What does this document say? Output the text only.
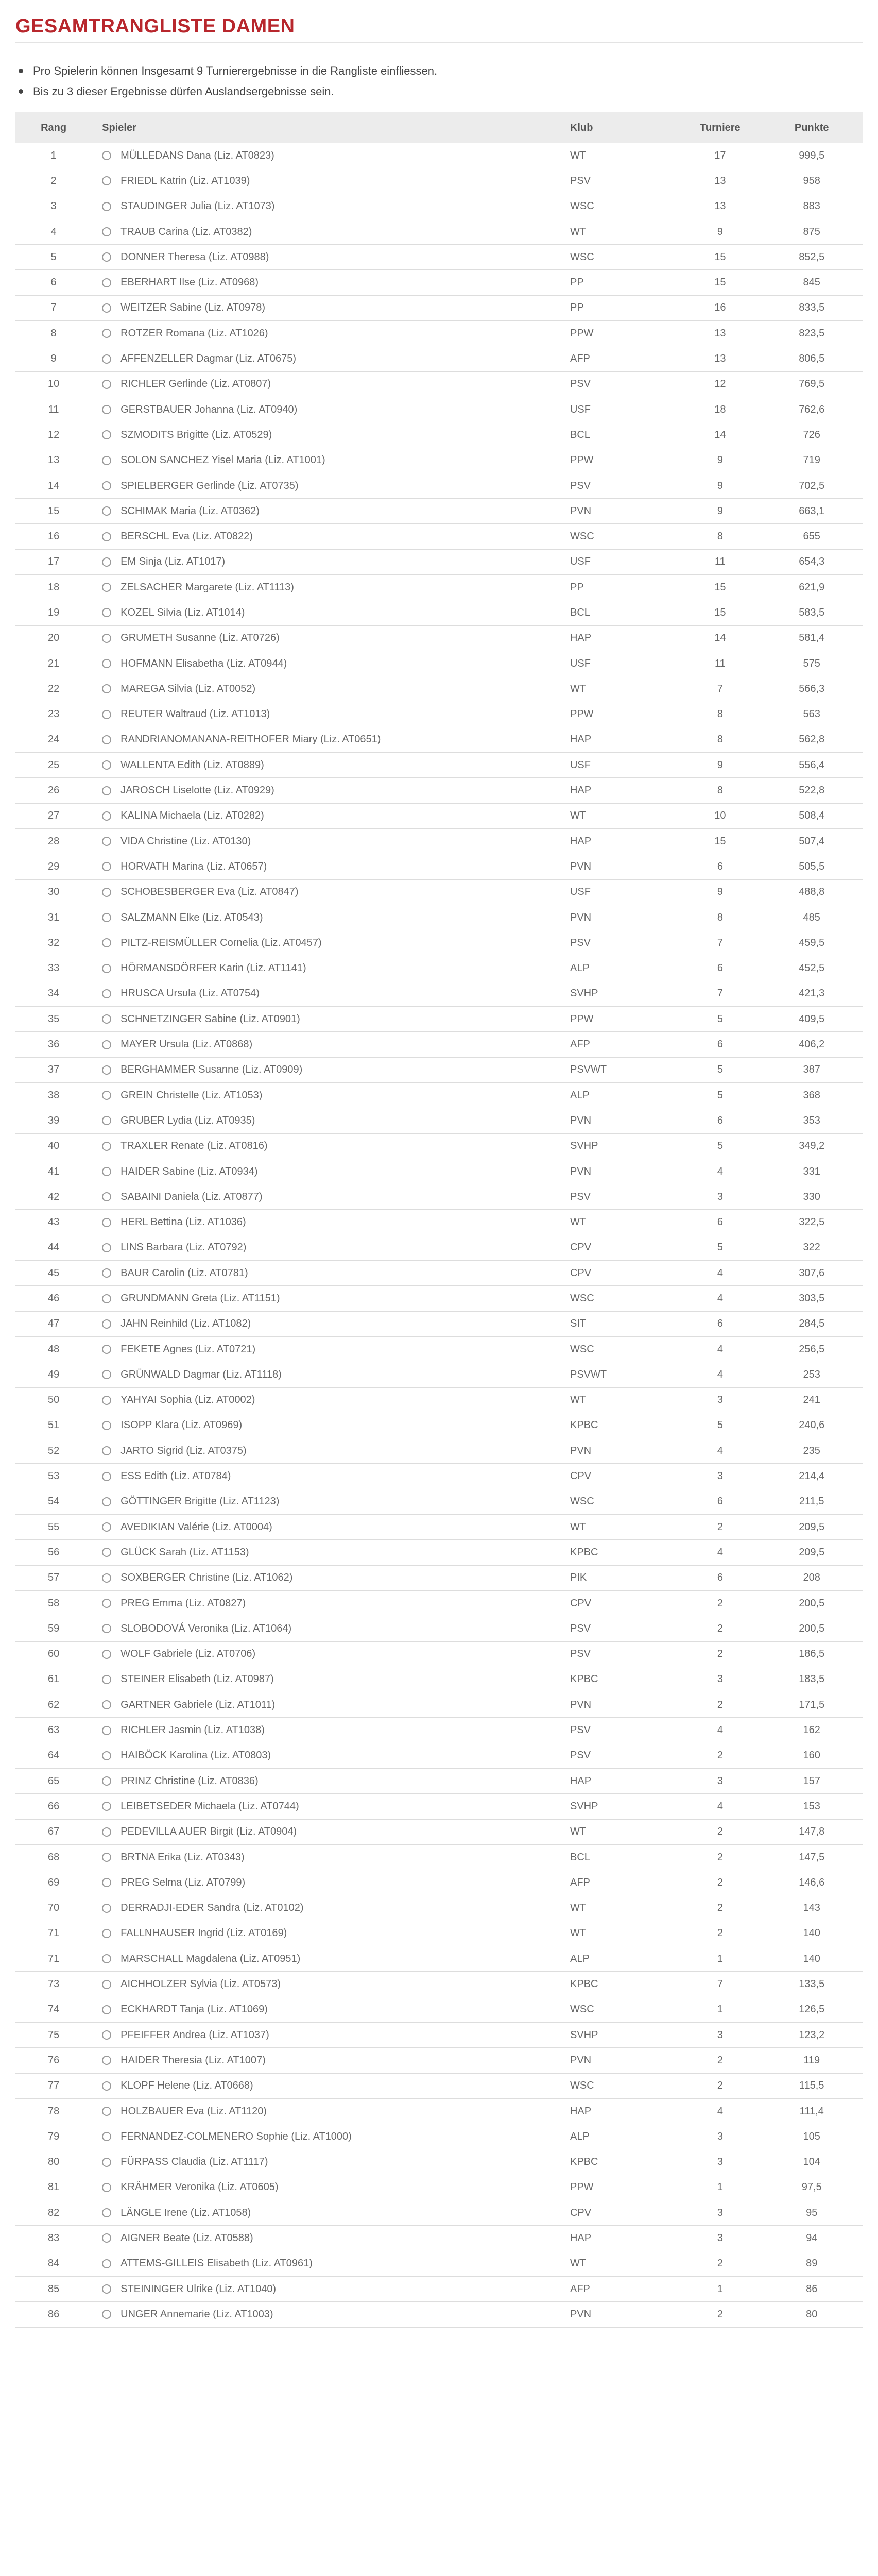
GESAMTRANGLISTE DAMEN
Pro Spielerin können Insgesamt 9 Turnierergebnisse in die Rangliste einfliessen.
Bis zu 3 dieser Ergebnisse dürfen Auslandsergebnisse sein.
Rang	Spieler	Klub	Turniere	Punkte
1	MÜLLEDANS Dana (Liz. AT0823)	WT	17	999,5
2	FRIEDL Katrin (Liz. AT1039)	PSV	13	958
3	STAUDINGER Julia (Liz. AT1073)	WSC	13	883
4	TRAUB Carina (Liz. AT0382)	WT	9	875
5	DONNER Theresa (Liz. AT0988)	WSC	15	852,5
6	EBERHART Ilse (Liz. AT0968)	PP	15	845
7	WEITZER Sabine (Liz. AT0978)	PP	16	833,5
8	ROTZER Romana (Liz. AT1026)	PPW	13	823,5
9	AFFENZELLER Dagmar (Liz. AT0675)	AFP	13	806,5
10	RICHLER Gerlinde (Liz. AT0807)	PSV	12	769,5
11	GERSTBAUER Johanna (Liz. AT0940)	USF	18	762,6
12	SZMODITS Brigitte (Liz. AT0529)	BCL	14	726
13	SOLON SANCHEZ Yisel Maria (Liz. AT1001)	PPW	9	719
14	SPIELBERGER Gerlinde (Liz. AT0735)	PSV	9	702,5
15	SCHIMAK Maria (Liz. AT0362)	PVN	9	663,1
16	BERSCHL Eva (Liz. AT0822)	WSC	8	655
17	EM Sinja (Liz. AT1017)	USF	11	654,3
18	ZELSACHER Margarete (Liz. AT1113)	PP	15	621,9
19	KOZEL Silvia (Liz. AT1014)	BCL	15	583,5
20	GRUMETH Susanne (Liz. AT0726)	HAP	14	581,4
21	HOFMANN Elisabetha (Liz. AT0944)	USF	11	575
22	MAREGA Silvia (Liz. AT0052)	WT	7	566,3
23	REUTER Waltraud (Liz. AT1013)	PPW	8	563
24	RANDRIANOMANANA-REITHOFER Miary (Liz. AT0651)	HAP	8	562,8
25	WALLENTA Edith (Liz. AT0889)	USF	9	556,4
26	JAROSCH Liselotte (Liz. AT0929)	HAP	8	522,8
27	KALINA Michaela (Liz. AT0282)	WT	10	508,4
28	VIDA Christine (Liz. AT0130)	HAP	15	507,4
29	HORVATH Marina (Liz. AT0657)	PVN	6	505,5
30	SCHOBESBERGER Eva (Liz. AT0847)	USF	9	488,8
31	SALZMANN Elke (Liz. AT0543)	PVN	8	485
32	PILTZ-REISMÜLLER Cornelia (Liz. AT0457)	PSV	7	459,5
33	HÖRMANSDÖRFER Karin (Liz. AT1141)	ALP	6	452,5
34	HRUSCA Ursula (Liz. AT0754)	SVHP	7	421,3
35	SCHNETZINGER Sabine (Liz. AT0901)	PPW	5	409,5
36	MAYER Ursula (Liz. AT0868)	AFP	6	406,2
37	BERGHAMMER Susanne (Liz. AT0909)	PSVWT	5	387
38	GREIN Christelle (Liz. AT1053)	ALP	5	368
39	GRUBER Lydia (Liz. AT0935)	PVN	6	353
40	TRAXLER Renate (Liz. AT0816)	SVHP	5	349,2
41	HAIDER Sabine (Liz. AT0934)	PVN	4	331
42	SABAINI Daniela (Liz. AT0877)	PSV	3	330
43	HERL Bettina (Liz. AT1036)	WT	6	322,5
44	LINS Barbara (Liz. AT0792)	CPV	5	322
45	BAUR Carolin (Liz. AT0781)	CPV	4	307,6
46	GRUNDMANN Greta (Liz. AT1151)	WSC	4	303,5
47	JAHN Reinhild (Liz. AT1082)	SIT	6	284,5
48	FEKETE Agnes (Liz. AT0721)	WSC	4	256,5
49	GRÜNWALD Dagmar (Liz. AT1118)	PSVWT	4	253
50	YAHYAI Sophia (Liz. AT0002)	WT	3	241
51	ISOPP Klara (Liz. AT0969)	KPBC	5	240,6
52	JARTO Sigrid (Liz. AT0375)	PVN	4	235
53	ESS Edith (Liz. AT0784)	CPV	3	214,4
54	GÖTTINGER Brigitte (Liz. AT1123)	WSC	6	211,5
55	AVEDIKIAN Valérie (Liz. AT0004)	WT	2	209,5
56	GLÜCK Sarah (Liz. AT1153)	KPBC	4	209,5
57	SOXBERGER Christine (Liz. AT1062)	PIK	6	208
58	PREG Emma (Liz. AT0827)	CPV	2	200,5
59	SLOBODOVÁ Veronika (Liz. AT1064)	PSV	2	200,5
60	WOLF Gabriele (Liz. AT0706)	PSV	2	186,5
61	STEINER Elisabeth (Liz. AT0987)	KPBC	3	183,5
62	GARTNER Gabriele (Liz. AT1011)	PVN	2	171,5
63	RICHLER Jasmin (Liz. AT1038)	PSV	4	162
64	HAIBÖCK Karolina (Liz. AT0803)	PSV	2	160
65	PRINZ Christine (Liz. AT0836)	HAP	3	157
66	LEIBETSEDER Michaela (Liz. AT0744)	SVHP	4	153
67	PEDEVILLA AUER Birgit (Liz. AT0904)	WT	2	147,8
68	BRTNA Erika (Liz. AT0343)	BCL	2	147,5
69	PREG Selma (Liz. AT0799)	AFP	2	146,6
70	DERRADJI-EDER Sandra (Liz. AT0102)	WT	2	143
71	FALLNHAUSER Ingrid (Liz. AT0169)	WT	2	140
71	MARSCHALL Magdalena (Liz. AT0951)	ALP	1	140
73	AICHHOLZER Sylvia (Liz. AT0573)	KPBC	7	133,5
74	ECKHARDT Tanja (Liz. AT1069)	WSC	1	126,5
75	PFEIFFER Andrea (Liz. AT1037)	SVHP	3	123,2
76	HAIDER Theresia (Liz. AT1007)	PVN	2	119
77	KLOPF Helene (Liz. AT0668)	WSC	2	115,5
78	HOLZBAUER Eva (Liz. AT1120)	HAP	4	111,4
79	FERNANDEZ-COLMENERO Sophie (Liz. AT1000)	ALP	3	105
80	FÜRPASS Claudia (Liz. AT1117)	KPBC	3	104
81	KRÄHMER Veronika (Liz. AT0605)	PPW	1	97,5
82	LÄNGLE Irene (Liz. AT1058)	CPV	3	95
83	AIGNER Beate (Liz. AT0588)	HAP	3	94
84	ATTEMS-GILLEIS Elisabeth (Liz. AT0961)	WT	2	89
85	STEININGER Ulrike (Liz. AT1040)	AFP	1	86
86	UNGER Annemarie (Liz. AT1003)	PVN	2	80
